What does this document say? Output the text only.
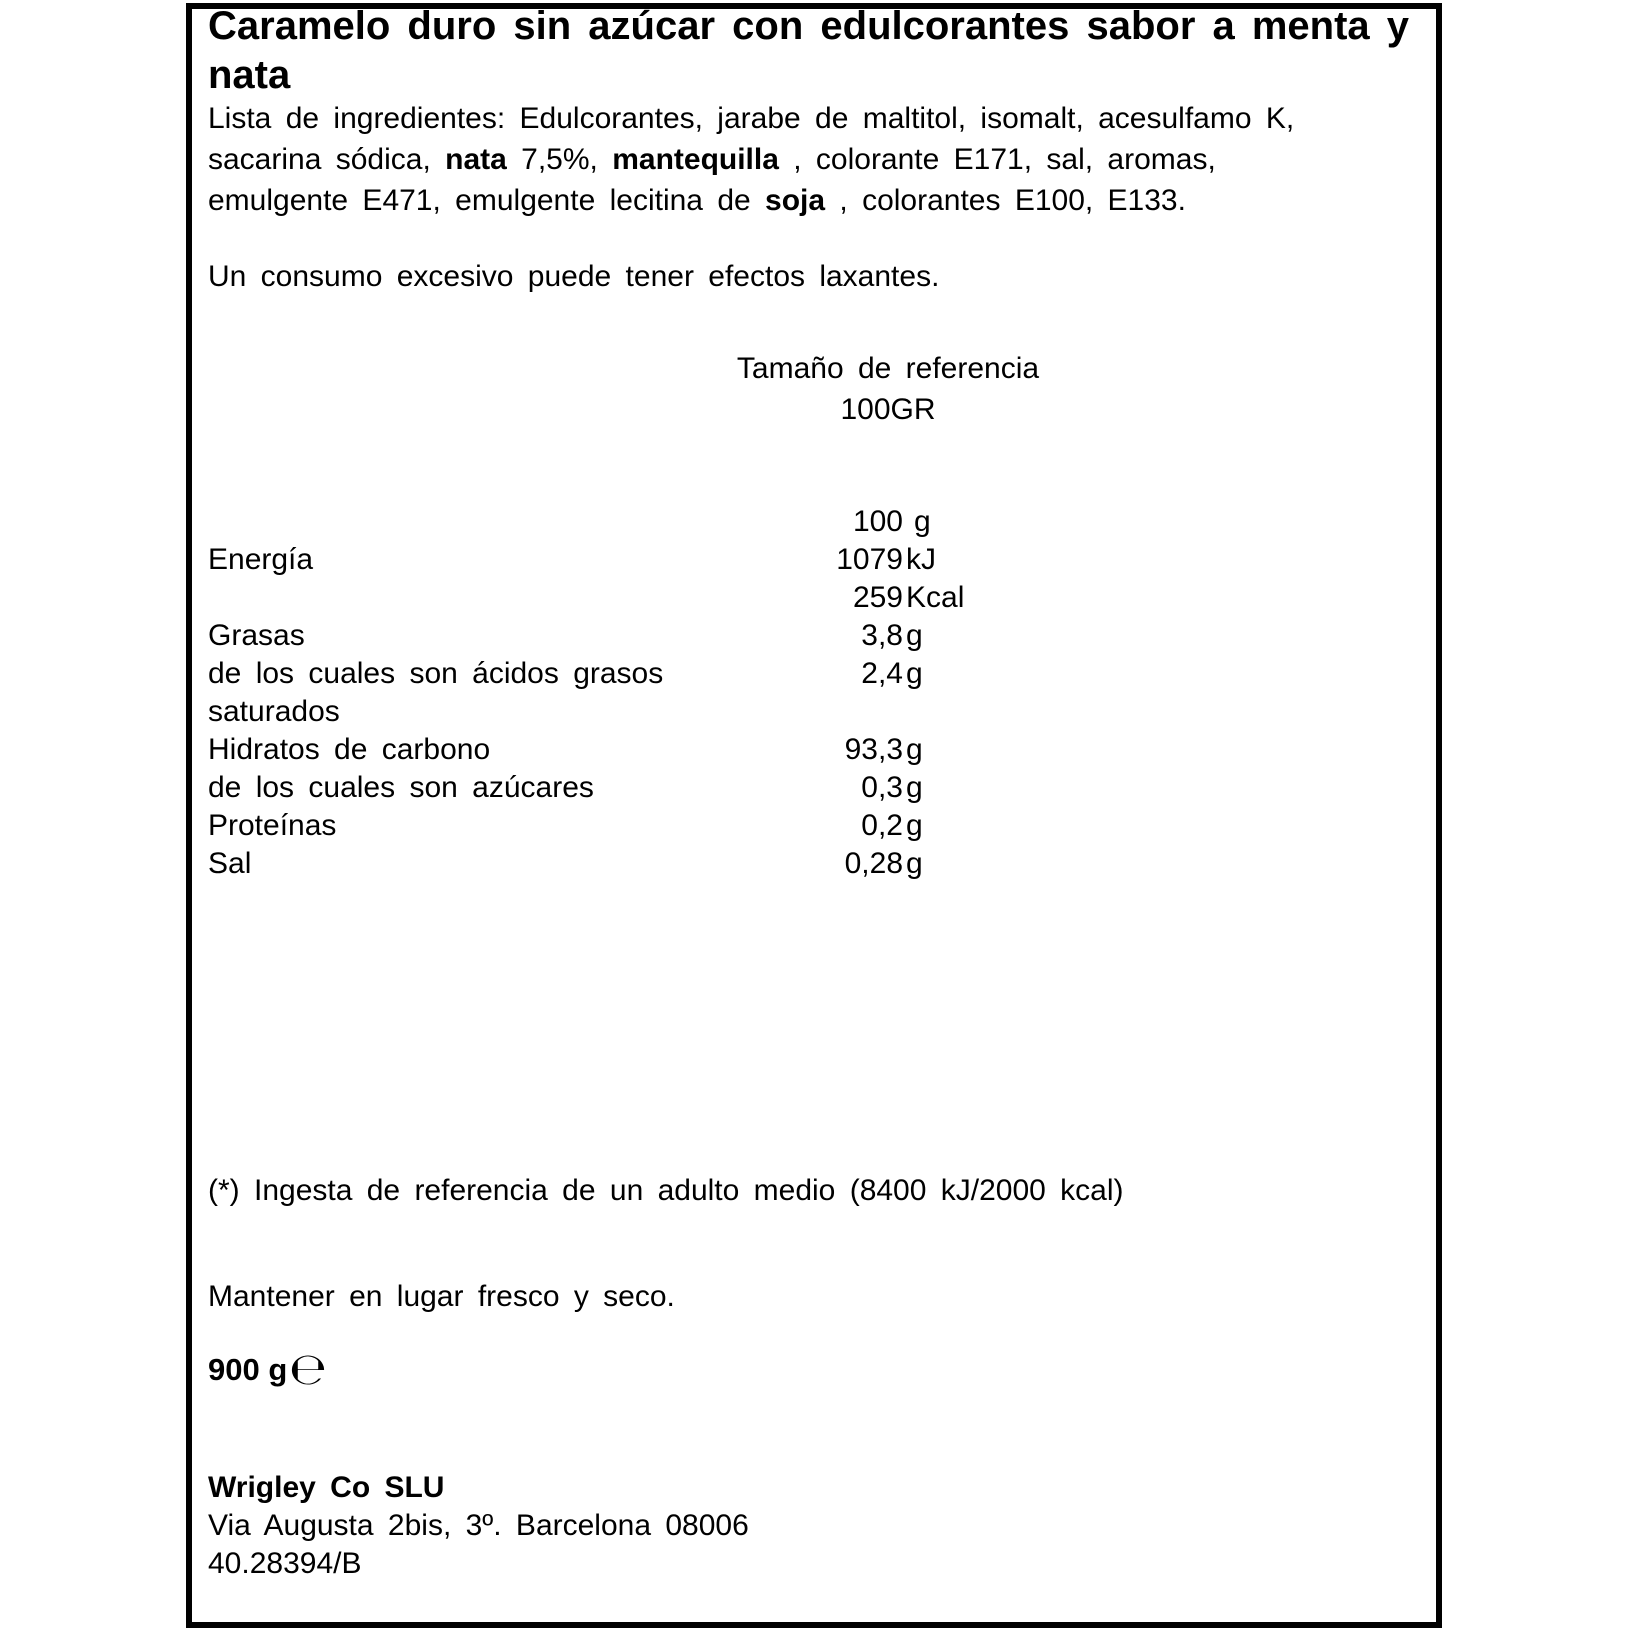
Caramelo duro sin azúcar con edulcorantes sabor a menta y
nata
Lista de ingredientes: Edulcorantes, jarabe de maltitol, isomalt, acesulfamo K,
sacarina sódica, nata 7,5%, mantequilla , colorante E171, sal, aromas,
emulgente E471, emulgente lecitina de soja , colorantes E100, E133.
Un consumo excesivo puede tener efectos laxantes.
Tamaño de referencia
100GR
100 g
Energía	1079 kJ
259 Kcal
Grasas	3,8 g
de los cuales son ácidos grasos	2,4 g
saturados
Hidratos de carbono	93,3 g
de los cuales son azúcares	0,3 g
Proteínas	0,2 g
Sal	0,28 g
(*) Ingesta de referencia de un adulto medio (8400 kJ/2000 kcal)
Mantener en lugar fresco y seco.
900 g℮
Wrigley Co SLU
Via Augusta 2bis, 3º. Barcelona 08006
40.28394/B
